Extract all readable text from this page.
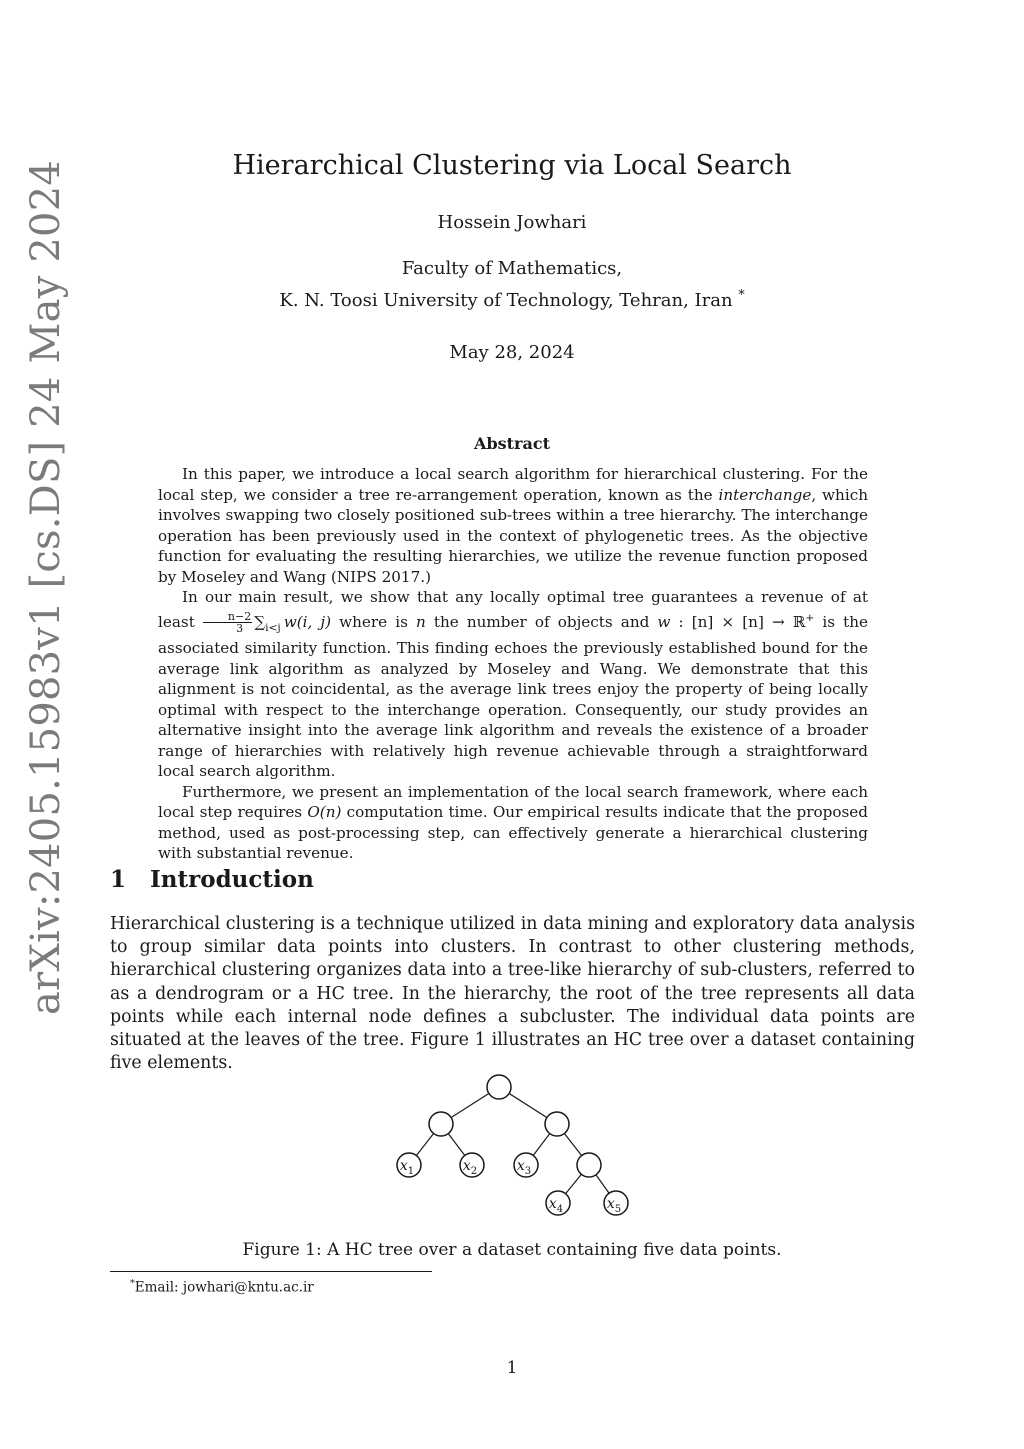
arXiv:2405.15983v1 [cs.DS] 24 May 2024	Hierarchical Clustering via Local Search
Hossein Jowhari
Faculty of Mathematics,
K. N. Toosi University of Technology, Tehran, Iran *
May 28, 2024
Abstract

In this paper, we introduce a local search algorithm for hierarchical clustering. For the local step, we consider a tree re-arrangement operation, known as the interchange, which involves swapping two closely positioned sub-trees within a tree hierarchy. The interchange operation has been previously used in the context of phylogenetic trees. As the objective function for evaluating the resulting hierarchies, we utilize the revenue function proposed by Moseley and Wang (NIPS 2017.)

In our main result, we show that any locally optimal tree guarantees a revenue of at least $\frac{n-2}{3} \sum_{i<j}$  w(i, j) where is n the number of objects and w : [n] × [n] → ℝ+ is the associated similarity function. This finding echoes the previously established bound for the average link algorithm as analyzed by Moseley and Wang. We demonstrate that this alignment is not coincidental, as the average link trees enjoy the property of being locally optimal with respect to the interchange operation. Consequently, our study provides an alternative insight into the average link algorithm and reveals the existence of a broader range of hierarchies with relatively high revenue achievable through a straightforward local search algorithm.

Furthermore, we present an implementation of the local search framework, where each local step requires O(n) computation time. Our empirical results indicate that the proposed method, used as post-processing step, can effectively generate a hierarchical clustering with substantial revenue.

1 Introduction

Hierarchical clustering is a technique utilized in data mining and exploratory data analysis to group similar data points into clusters. In contrast to other clustering methods, hierarchical clustering organizes data into a tree-like hierarchy of sub-clusters, referred to as a dendrogram or a HC tree. In the hierarchy, the root of the tree represents all data points while each internal node defines a subcluster. The individual data points are situated at the leaves of the tree. Figure 1 illustrates an HC tree over a dataset containing five elements.

$x_1$	$x_2$	$x_3$
$x_4$	$x_5$
Figure 1: A HC tree over a dataset containing five data points.
*Email: jowhari@kntu.ac.ir
1
